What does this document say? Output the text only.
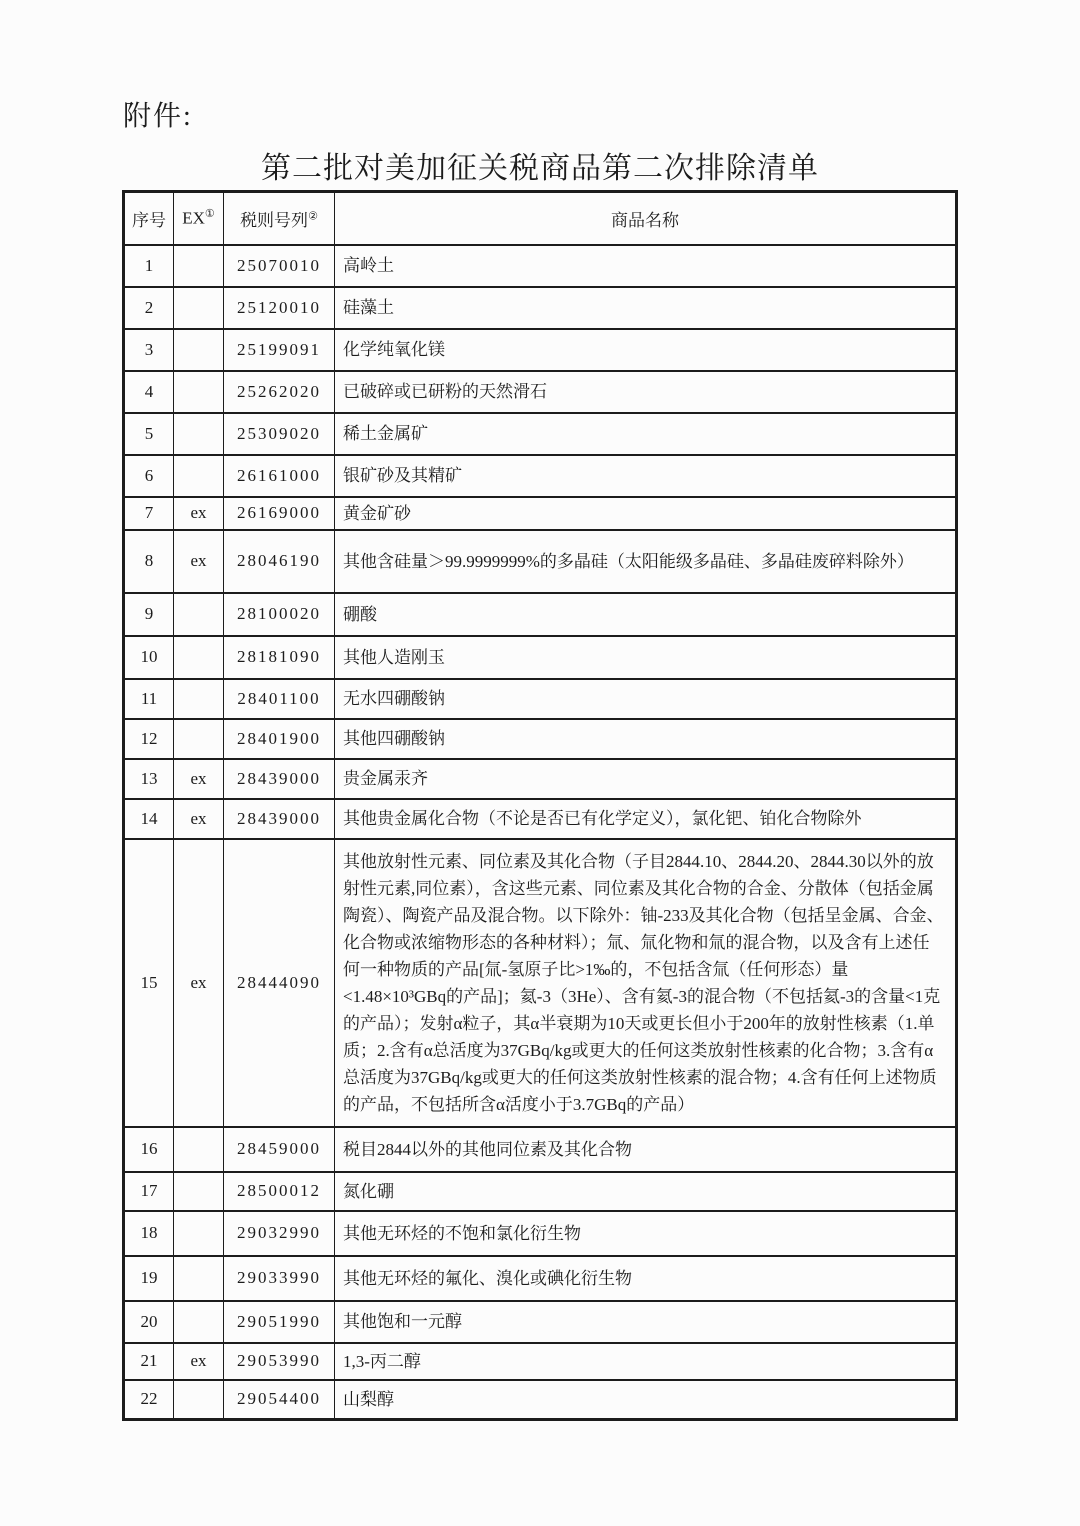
附件:
第二批对美加征关税商品第二次排除清单
序号	EX①	税则号列②	商品名称
1		25070010	高岭土
2		25120010	硅藻土
3		25199091	化学纯氧化镁
4		25262020	已破碎或已研粉的天然滑石
5		25309020	稀土金属矿
6		26161000	银矿砂及其精矿
7	ex	26169000	黄金矿砂
8	ex	28046190	其他含硅量＞99.9999999%的多晶硅（太阳能级多晶硅、多晶硅废碎料除外）
9		28100020	硼酸
10		28181090	其他人造刚玉
11		28401100	无水四硼酸钠
12		28401900	其他四硼酸钠
13	ex	28439000	贵金属汞齐
14	ex	28439000	其他贵金属化合物（不论是否已有化学定义），氯化钯、铂化合物除外
15	ex	28444090	其他放射性元素、同位素及其化合物（子目2844.10、2844.20、2844.30以外的放射性元素,同位素），含这些元素、同位素及其化合物的合金、分散体（包括金属陶瓷）、陶瓷产品及混合物。以下除外：铀-233及其化合物（包括呈金属、合金、化合物或浓缩物形态的各种材料）；氚、氚化物和氚的混合物，以及含有上述任何一种物质的产品[氚-氢原子比>1‰的，不包括含氚（任何形态）量<1.48×10³GBq的产品]；氦-3（3He）、含有氦-3的混合物（不包括氦-3的含量<1克的产品）；发射α粒子，其α半衰期为10天或更长但小于200年的放射性核素（1.单质；2.含有α总活度为37GBq/kg或更大的任何这类放射性核素的化合物；3.含有α总活度为37GBq/kg或更大的任何这类放射性核素的混合物；4.含有任何上述物质的产品，不包括所含α活度小于3.7GBq的产品）
16		28459000	税目2844以外的其他同位素及其化合物
17		28500012	氮化硼
18		29032990	其他无环烃的不饱和氯化衍生物
19		29033990	其他无环烃的氟化、溴化或碘化衍生物
20		29051990	其他饱和一元醇
21	ex	29053990	1,3-丙二醇
22		29054400	山梨醇
